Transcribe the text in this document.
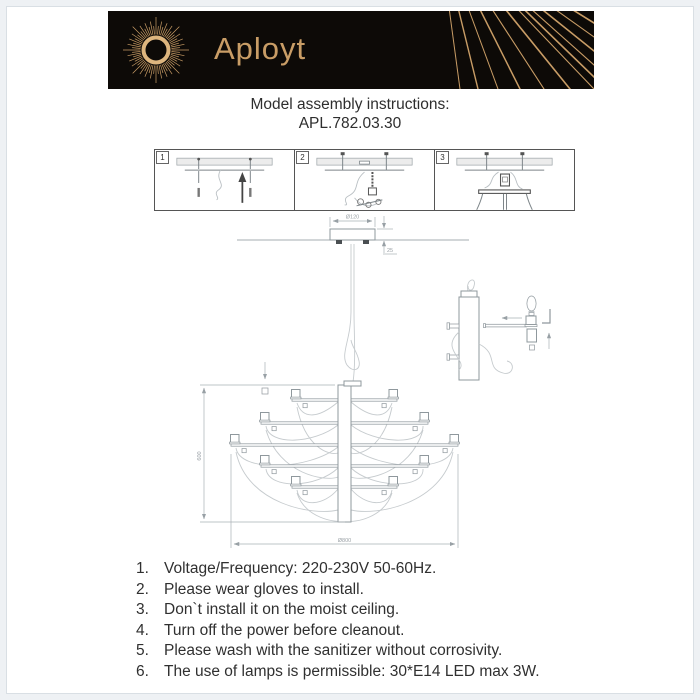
Aployt
Model assembly instructions:
APL.782.03.30
1	2	3
Ø120
25
600
Ø800
1. Voltage/Frequency: 220-230V 50-60Hz.
2. Please wear gloves to install.
3. Don`t install it on the moist ceiling.
4. Turn off the power before cleanout.
5. Please wash with the sanitizer without corrosivity.
6. The use of lamps is permissible: 30*E14 LED max 3W.
